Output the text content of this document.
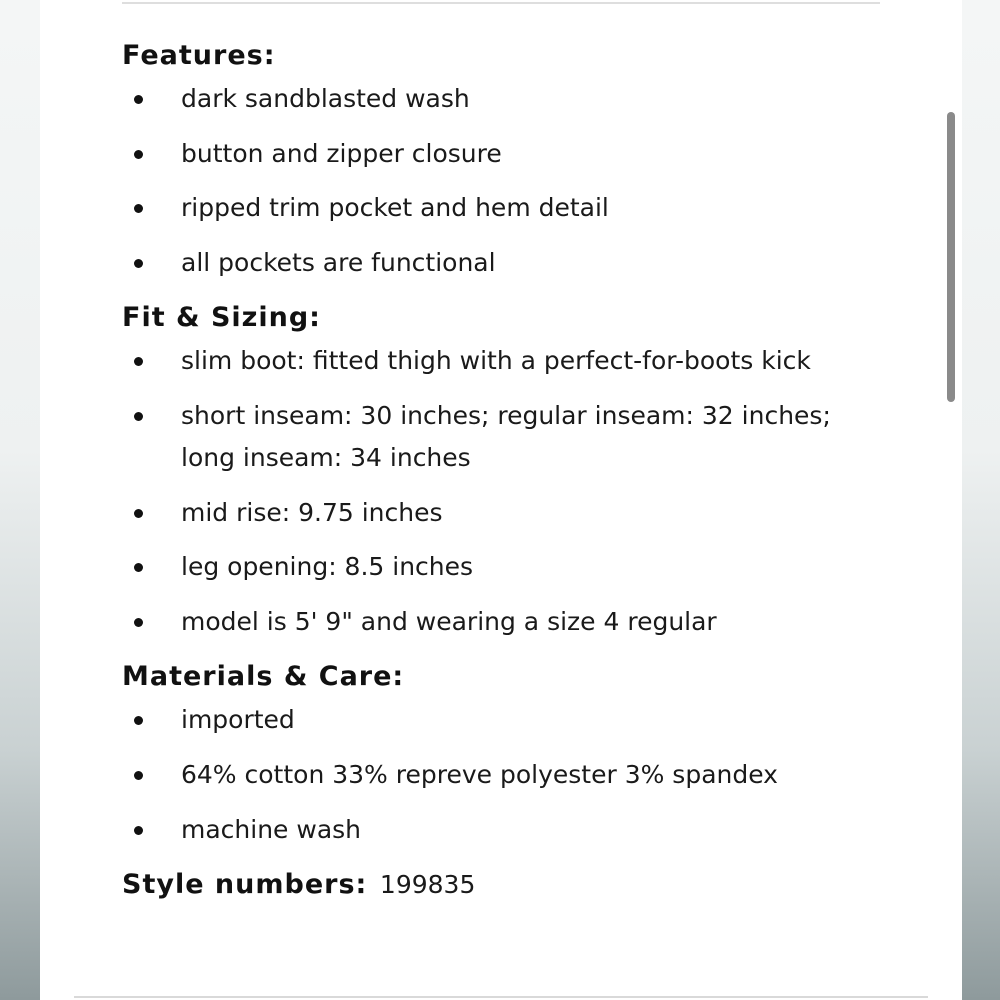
Features:
dark sandblasted wash
button and zipper closure
ripped trim pocket and hem detail
all pockets are functional
Fit & Sizing:
slim boot: fitted thigh with a perfect-for-boots kick
short inseam: 30 inches; regular inseam: 32 inches; long inseam: 34 inches
mid rise: 9.75 inches
leg opening: 8.5 inches
model is 5' 9" and wearing a size 4 regular
Materials & Care:
imported
64% cotton 33% repreve polyester 3% spandex
machine wash
Style numbers: 199835
